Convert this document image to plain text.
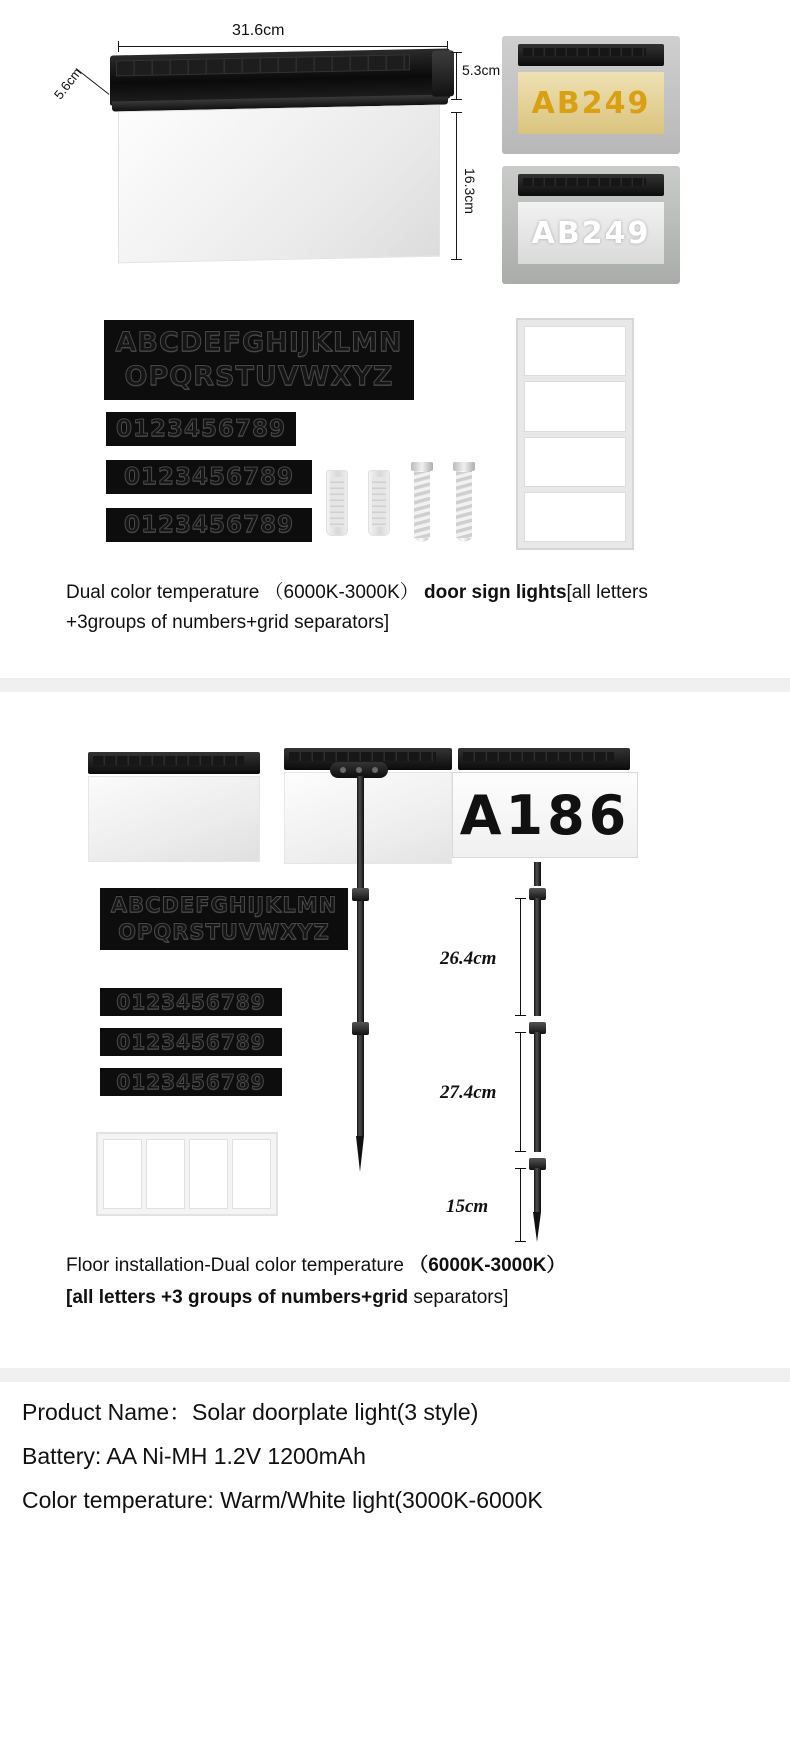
31.6cm
5.3cm
16.3cm
5.6cm
AB249
AB249
ABCDEFGHIJKLMN
OPQRSTUVWXYZ
0123456789
0123456789
0123456789
Dual color temperature （6000K-3000K） door sign lights[all letters +3groups of numbers+grid separators]
A186
ABCDEFGHIJKLMN
OPQRSTUVWXYZ
0123456789
0123456789
0123456789
26.4cm
27.4cm
15cm
Floor installation-Dual color temperature （6000K-3000K）
[all letters +3 groups of numbers+grid separators]
Product Name：Solar doorplate light(3 style)
Battery: AA Ni-MH 1.2V 1200mAh
Color temperature: Warm/White light(3000K-6000K
